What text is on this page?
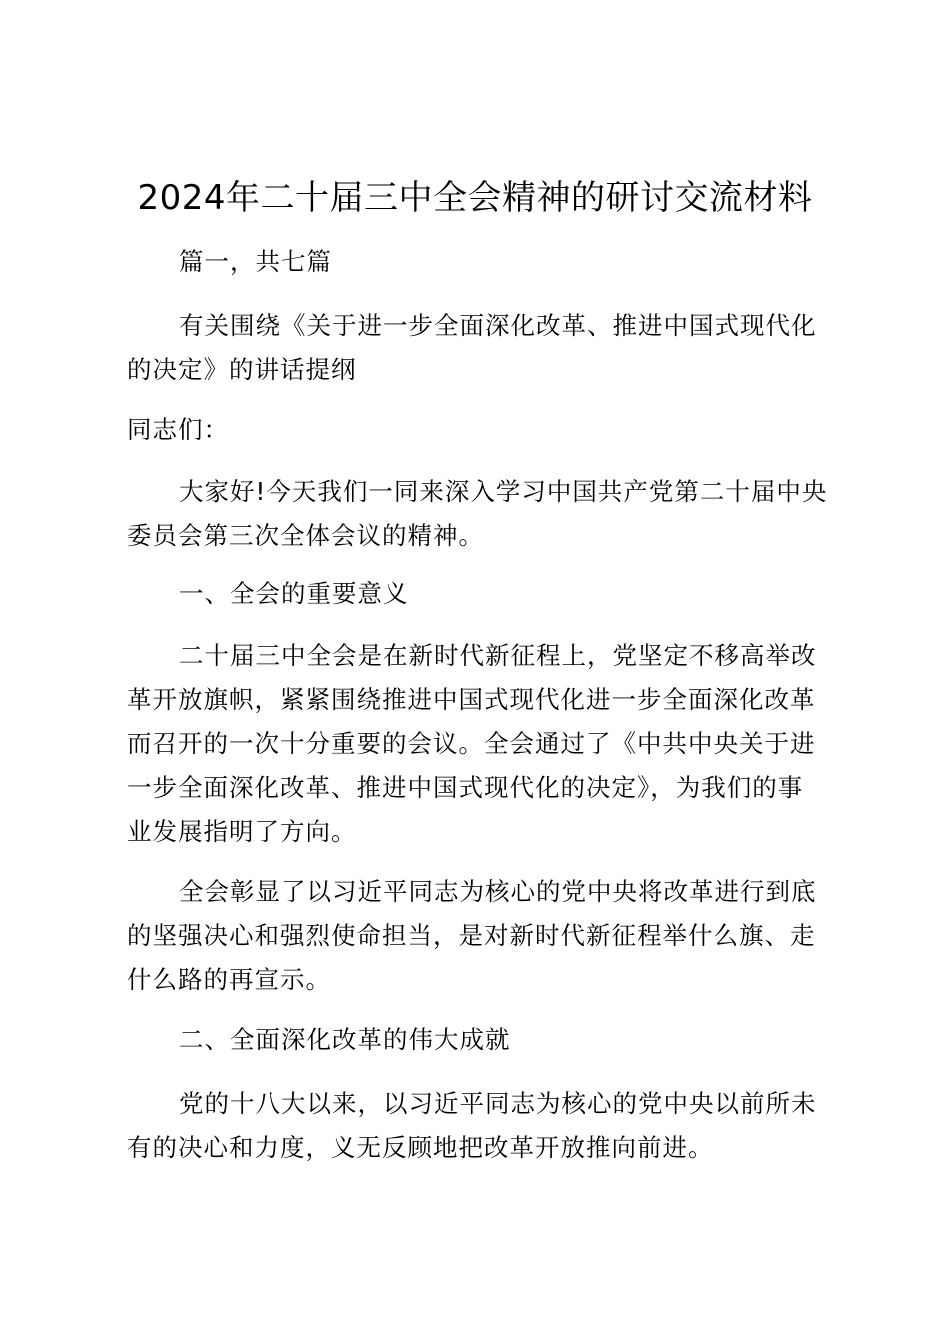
2024年二十届三中全会精神的研讨交流材料

篇一，共七篇

有关围绕《关于进一步全面深化改革、推进中国式现代化
的决定》的讲话提纲

同志们：

大家好!今天我们一同来深入学习中国共产党第二十届中央
委员会第三次全体会议的精神。

一、全会的重要意义

二十届三中全会是在新时代新征程上，党坚定不移高举改
革开放旗帜，紧紧围绕推进中国式现代化进一步全面深化改革
而召开的一次十分重要的会议。全会通过了《中共中央关于进
一步全面深化改革、推进中国式现代化的决定》，为我们的事
业发展指明了方向。

全会彰显了以习近平同志为核心的党中央将改革进行到底
的坚强决心和强烈使命担当，是对新时代新征程举什么旗、走
什么路的再宣示。

二、全面深化改革的伟大成就

党的十八大以来，以习近平同志为核心的党中央以前所未
有的决心和力度，义无反顾地把改革开放推向前进。
